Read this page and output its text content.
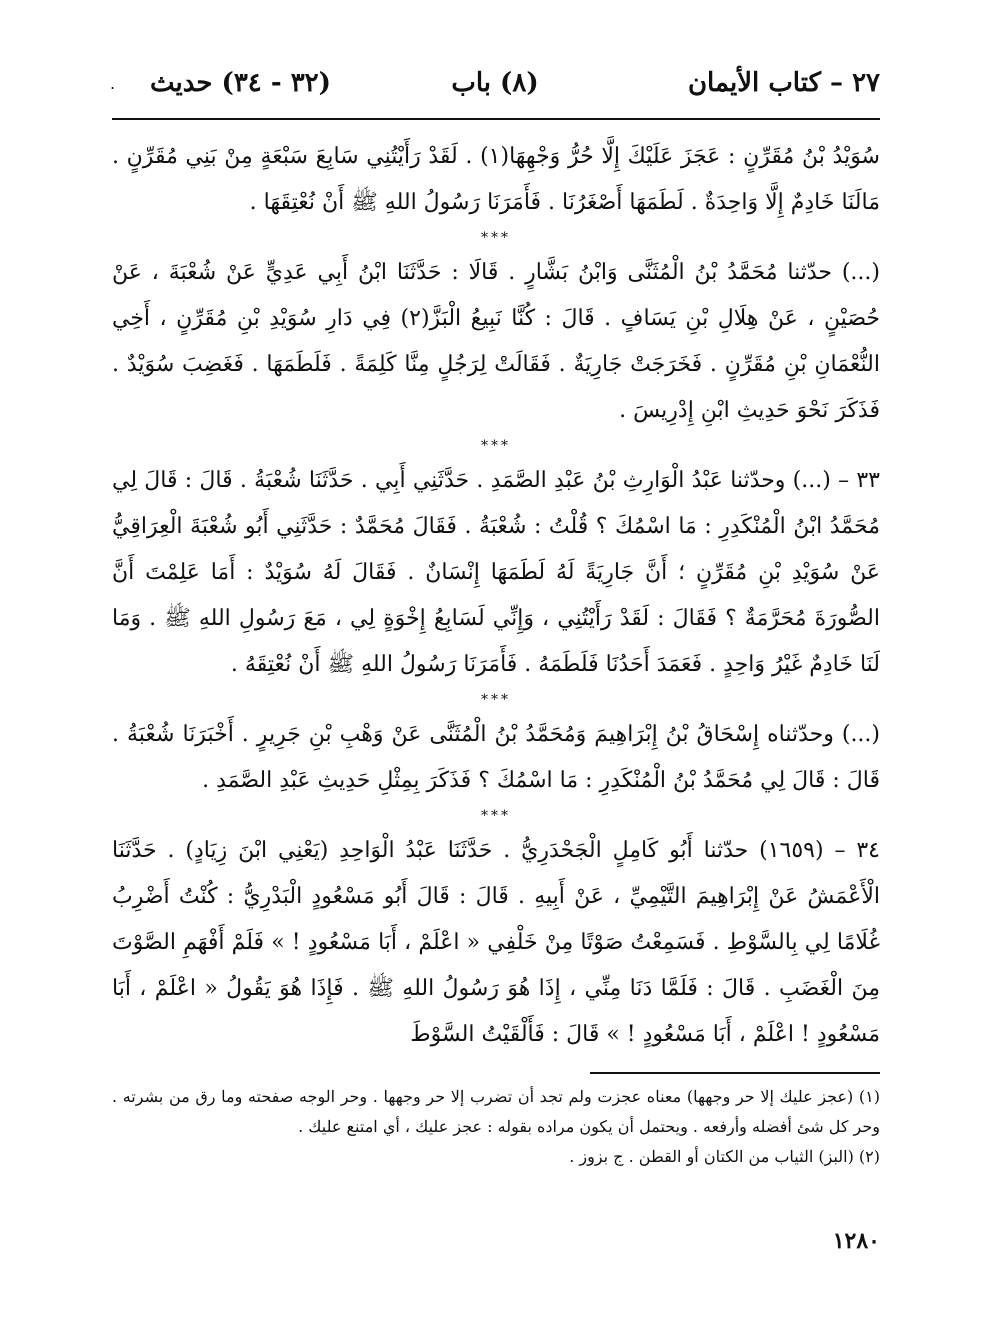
٢٧ – كتاب الأيمان
(٨) باب
(٣٢ - ٣٤) حديث
.

سُوَيْدُ بْنُ مُقَرِّنٍ : عَجَزَ عَلَيْكَ إِلَّا حُرُّ وَجْهِهَا(١) . لَقَدْ رَأَيْتُنِي سَابِعَ سَبْعَةٍ مِنْ بَنِي مُقَرِّنٍ . مَالَنَا خَادِمٌ إِلَّا وَاحِدَةٌ . لَطَمَهَا أَصْغَرُنَا . فَأَمَرَنَا رَسُولُ اللهِ ﷺ أَنْ نُعْتِقَهَا .

***

(...) حدّثنا مُحَمَّدُ بْنُ الْمُثَنَّى وَابْنُ بَشَّارٍ . قَالَا : حَدَّثَنَا ابْنُ أَبِي عَدِيٍّ عَنْ شُعْبَةَ ، عَنْ حُصَيْنٍ ، عَنْ هِلَالِ بْنِ يَسَافٍ . قَالَ : كُنَّا نَبِيعُ الْبَزَّ(٢) فِي دَارِ سُوَيْدِ بْنِ مُقَرِّنٍ ، أَخِي النُّعْمَانِ بْنِ مُقَرِّنٍ . فَخَرَجَتْ جَارِيَةٌ . فَقَالَتْ لِرَجُلٍ مِنَّا كَلِمَةً . فَلَطَمَهَا . فَغَضِبَ سُوَيْدٌ . فَذَكَرَ نَحْوَ حَدِيثِ ابْنِ إِدْرِيسَ .

***

٣٣ – (...) وحدّثنا عَبْدُ الْوَارِثِ بْنُ عَبْدِ الصَّمَدِ . حَدَّثَنِي أَبِي . حَدَّثَنَا شُعْبَةُ . قَالَ : قَالَ لِي مُحَمَّدُ ابْنُ الْمُنْكَدِرِ : مَا اسْمُكَ ؟ قُلْتُ : شُعْبَةُ . فَقَالَ مُحَمَّدٌ : حَدَّثَنِي أَبُو شُعْبَةَ الْعِرَاقِيُّ عَنْ سُوَيْدِ بْنِ مُقَرِّنٍ ؛ أَنَّ جَارِيَةً لَهُ لَطَمَهَا إِنْسَانٌ . فَقَالَ لَهُ سُوَيْدٌ : أَمَا عَلِمْتَ أَنَّ الصُّورَةَ مُحَرَّمَةٌ ؟ فَقَالَ : لَقَدْ رَأَيْتُنِي ، وَإِنِّي لَسَابِعُ إِخْوَةٍ لِي ، مَعَ رَسُولِ اللهِ ﷺ . وَمَا لَنَا خَادِمٌ غَيْرُ وَاحِدٍ . فَعَمَدَ أَحَدُنَا فَلَطَمَهُ . فَأَمَرَنَا رَسُولُ اللهِ ﷺ أَنْ نُعْتِقَهُ .

***

(...) وحدّثناه إِسْحَاقُ بْنُ إِبْرَاهِيمَ وَمُحَمَّدُ بْنُ الْمُثَنَّى عَنْ وَهْبِ بْنِ جَرِيرٍ . أَخْبَرَنَا شُعْبَةُ . قَالَ : قَالَ لِي مُحَمَّدُ بْنُ الْمُنْكَدِرِ : مَا اسْمُكَ ؟ فَذَكَرَ بِمِثْلِ حَدِيثِ عَبْدِ الصَّمَدِ .

***

٣٤ – (١٦٥٩) حدّثنا أَبُو كَامِلٍ الْجَحْدَرِيُّ . حَدَّثَنَا عَبْدُ الْوَاحِدِ (يَعْنِي ابْنَ زِيَادٍ) . حَدَّثَنَا الْأَعْمَشُ عَنْ إِبْرَاهِيمَ التَّيْمِيِّ ، عَنْ أَبِيهِ . قَالَ : قَالَ أَبُو مَسْعُودٍ الْبَدْرِيُّ : كُنْتُ أَضْرِبُ غُلَامًا لِي بِالسَّوْطِ . فَسَمِعْتُ صَوْتًا مِنْ خَلْفِي « اعْلَمْ ، أَبَا مَسْعُودٍ ! » فَلَمْ أَفْهَمِ الصَّوْتَ مِنَ الْغَضَبِ . قَالَ : فَلَمَّا دَنَا مِنِّي ، إِذَا هُوَ رَسُولُ اللهِ ﷺ . فَإِذَا هُوَ يَقُولُ « اعْلَمْ ، أَبَا مَسْعُودٍ ! اعْلَمْ ، أَبَا مَسْعُودٍ ! » قَالَ : فَأَلْقَيْتُ السَّوْطَ

(١) (عجز عليك إلا حر وجهها) معناه عجزت ولم تجد أن تضرب إلا حر وجهها . وحر الوجه صفحته وما رق من بشرته . وحر كل شئ أفضله وأرفعه . ويحتمل أن يكون مراده بقوله : عجز عليك ، أي امتنع عليك .

(٢) (البز) الثياب من الكتان أو القطن . ج بزوز .

١٢٨٠
